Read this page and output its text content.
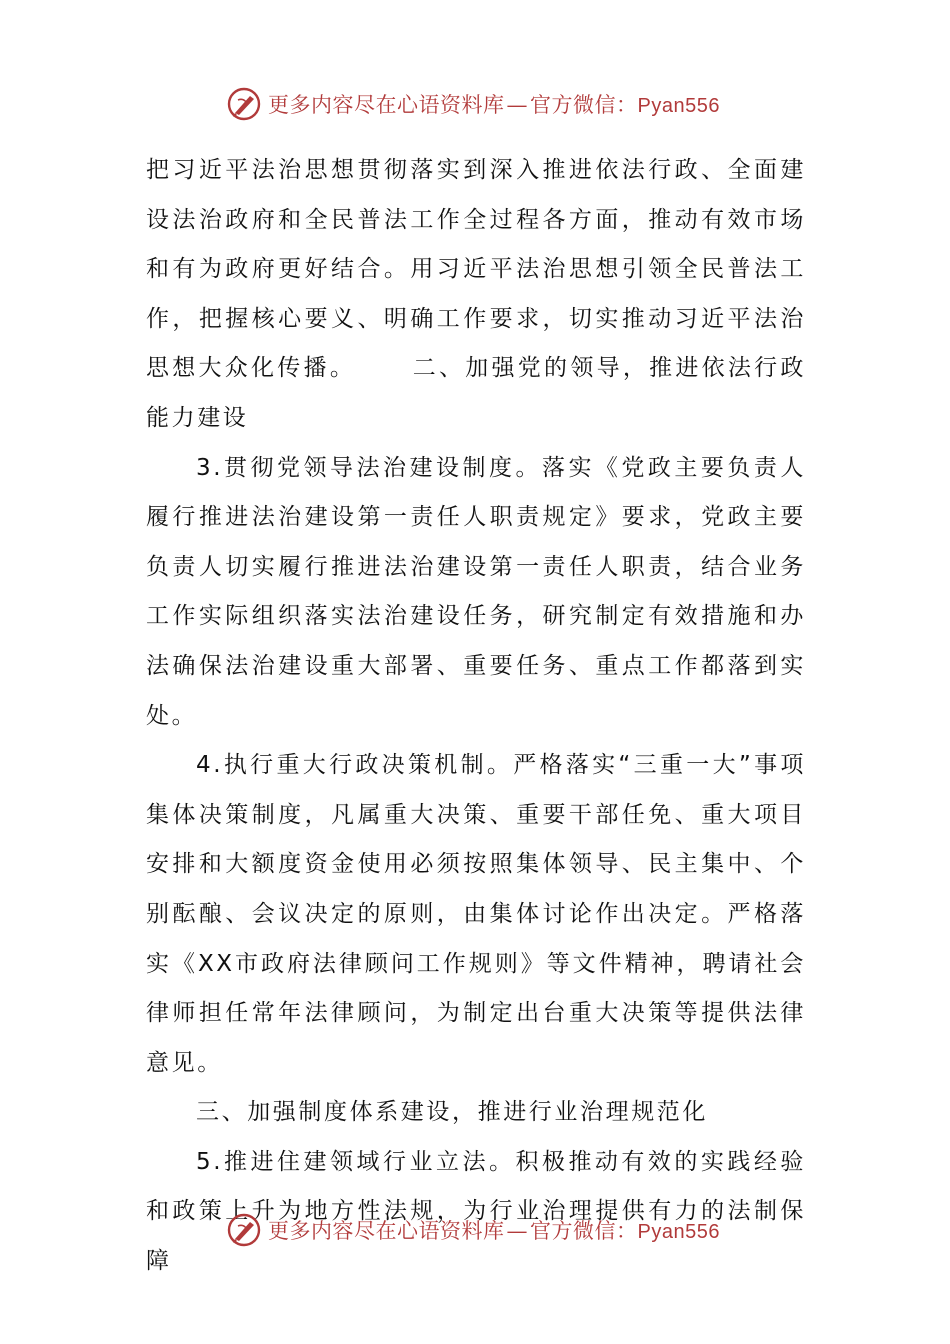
更多内容尽在心语资料库—官方微信：Pyan556

把习近平法治思想贯彻落实到深入推进依法行政、全面建设法治政府和全民普法工作全过程各方面，推动有效市场和有为政府更好结合。用习近平法治思想引领全民普法工作，把握核心要义、明确工作要求，切实推动习近平法治思想大众化传播。 二、加强党的领导，推进依法行政能力建设

3.贯彻党领导法治建设制度。落实《党政主要负责人履行推进法治建设第一责任人职责规定》要求，党政主要负责人切实履行推进法治建设第一责任人职责，结合业务工作实际组织落实法治建设任务，研究制定有效措施和办法确保法治建设重大部署、重要任务、重点工作都落到实处。

4.执行重大行政决策机制。严格落实“三重一大”事项集体决策制度，凡属重大决策、重要干部任免、重大项目安排和大额度资金使用必须按照集体领导、民主集中、个别酝酿、会议决定的原则，由集体讨论作出决定。严格落实《XX市政府法律顾问工作规则》等文件精神，聘请社会律师担任常年法律顾问，为制定出台重大决策等提供法律意见。

三、加强制度体系建设，推进行业治理规范化

5.推进住建领域行业立法。积极推动有效的实践经验和政策上升为地方性法规，为行业治理提供有力的法制保障

更多内容尽在心语资料库—官方微信：Pyan556
